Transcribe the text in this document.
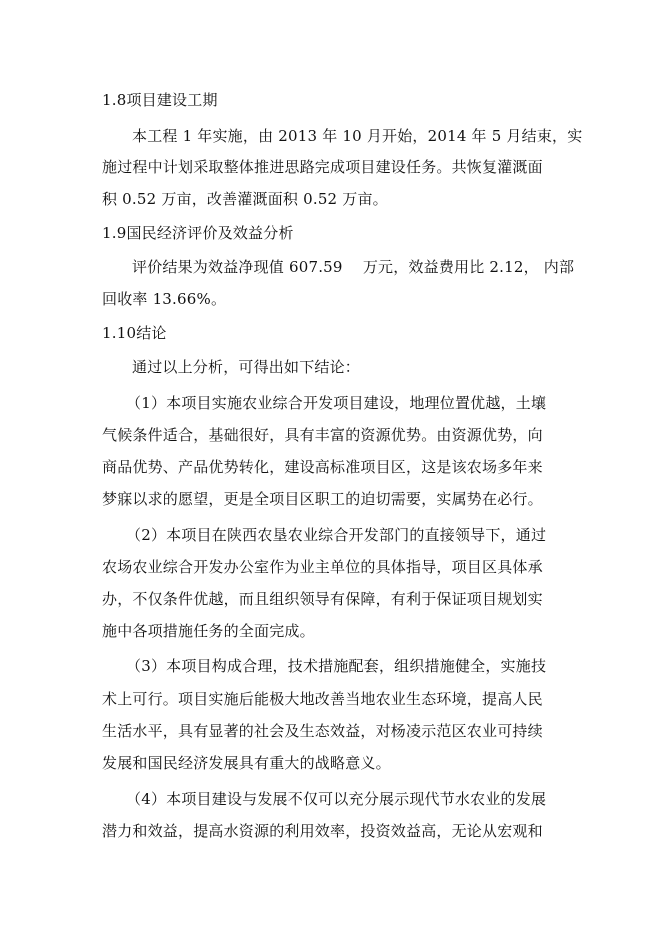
1.8项目建设工期
本工程 1 年实施，由 2013 年 10 月开始，2014 年 5 月结束，实
施过程中计划采取整体推进思路完成项目建设任务。共恢复灌溉面
积 0.52 万亩，改善灌溉面积 0.52 万亩。
1.9国民经济评价及效益分析
评价结果为效益净现值 607.59　 万元，效益费用比 2.12， 内部
回收率 13.66%。
1.10结论
通过以上分析，可得出如下结论：
（1）本项目实施农业综合开发项目建设，地理位置优越，土壤
气候条件适合，基础很好，具有丰富的资源优势。由资源优势，向
商品优势、产品优势转化，建设高标准项目区，这是该农场多年来
梦寐以求的愿望，更是全项目区职工的迫切需要，实属势在必行。
（2）本项目在陕西农垦农业综合开发部门的直接领导下，通过
农场农业综合开发办公室作为业主单位的具体指导，项目区具体承
办，不仅条件优越，而且组织领导有保障，有利于保证项目规划实
施中各项措施任务的全面完成。
（3）本项目构成合理，技术措施配套，组织措施健全，实施技
术上可行。项目实施后能极大地改善当地农业生态环境，提高人民
生活水平，具有显著的社会及生态效益，对杨凌示范区农业可持续
发展和国民经济发展具有重大的战略意义。
（4）本项目建设与发展不仅可以充分展示现代节水农业的发展
潜力和效益，提高水资源的利用效率，投资效益高，无论从宏观和
